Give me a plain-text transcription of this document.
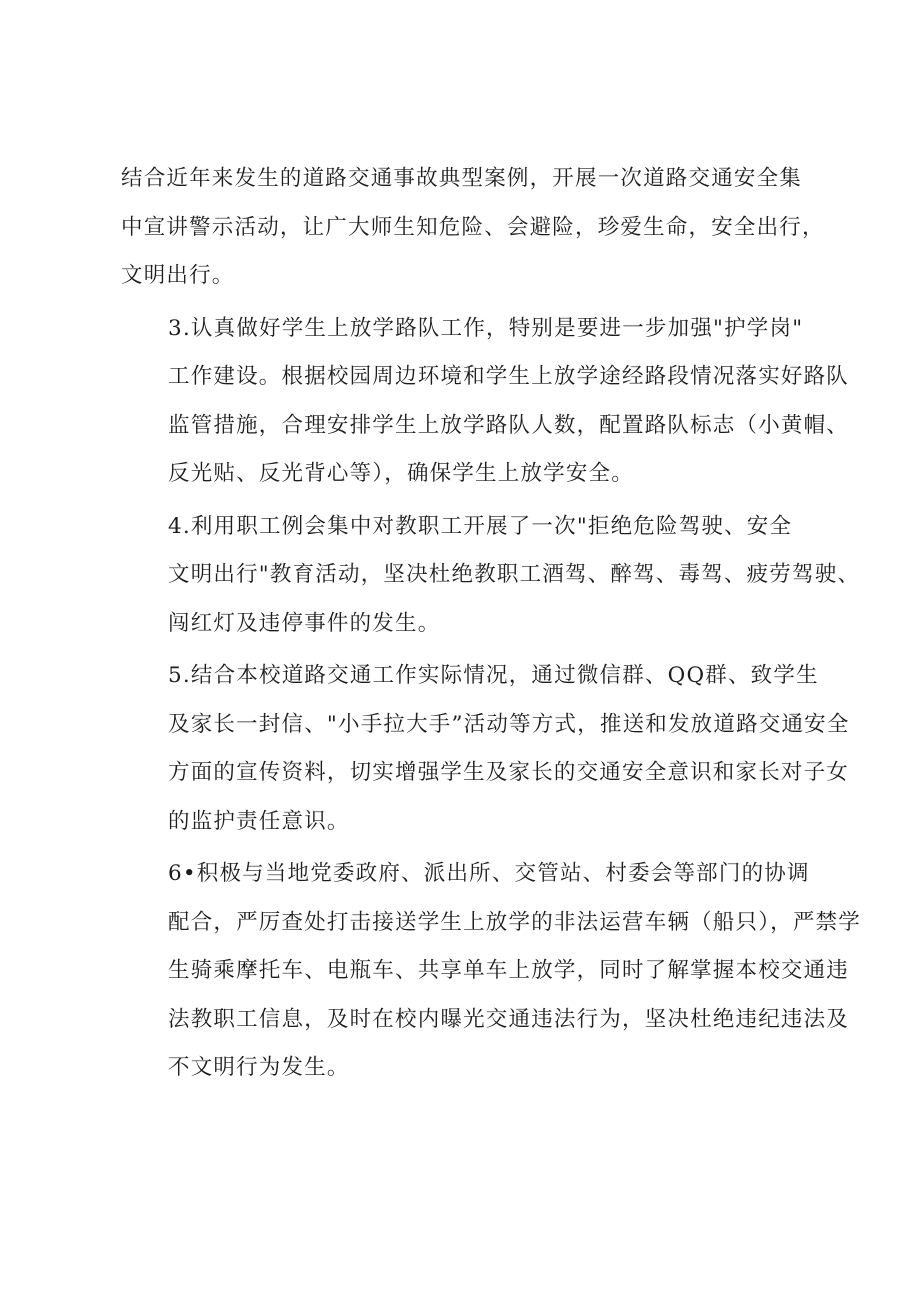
结合近年来发生的道路交通事故典型案例，开展一次道路交通安全集
中宣讲警示活动，让广大师生知危险、会避险，珍爱生命，安全出行，
文明出行。

3.认真做好学生上放学路队工作，特别是要进一步加强"护学岗"
工作建设。根据校园周边环境和学生上放学途经路段情况落实好路队
监管措施，合理安排学生上放学路队人数，配置路队标志（小黄帽、
反光贴、反光背心等），确保学生上放学安全。

4.利用职工例会集中对教职工开展了一次"拒绝危险驾驶、安全
文明出行"教育活动，坚决杜绝教职工酒驾、醉驾、毒驾、疲劳驾驶、
闯红灯及违停事件的发生。

5.结合本校道路交通工作实际情况，通过微信群、QQ群、致学生
及家长一封信、"小手拉大手”活动等方式，推送和发放道路交通安全
方面的宣传资料，切实增强学生及家长的交通安全意识和家长对子女
的监护责任意识。

6•积极与当地党委政府、派出所、交管站、村委会等部门的协调
配合，严厉查处打击接送学生上放学的非法运营车辆（船只），严禁学
生骑乘摩托车、电瓶车、共享单车上放学，同时了解掌握本校交通违
法教职工信息，及时在校内曝光交通违法行为，坚决杜绝违纪违法及
不文明行为发生。
